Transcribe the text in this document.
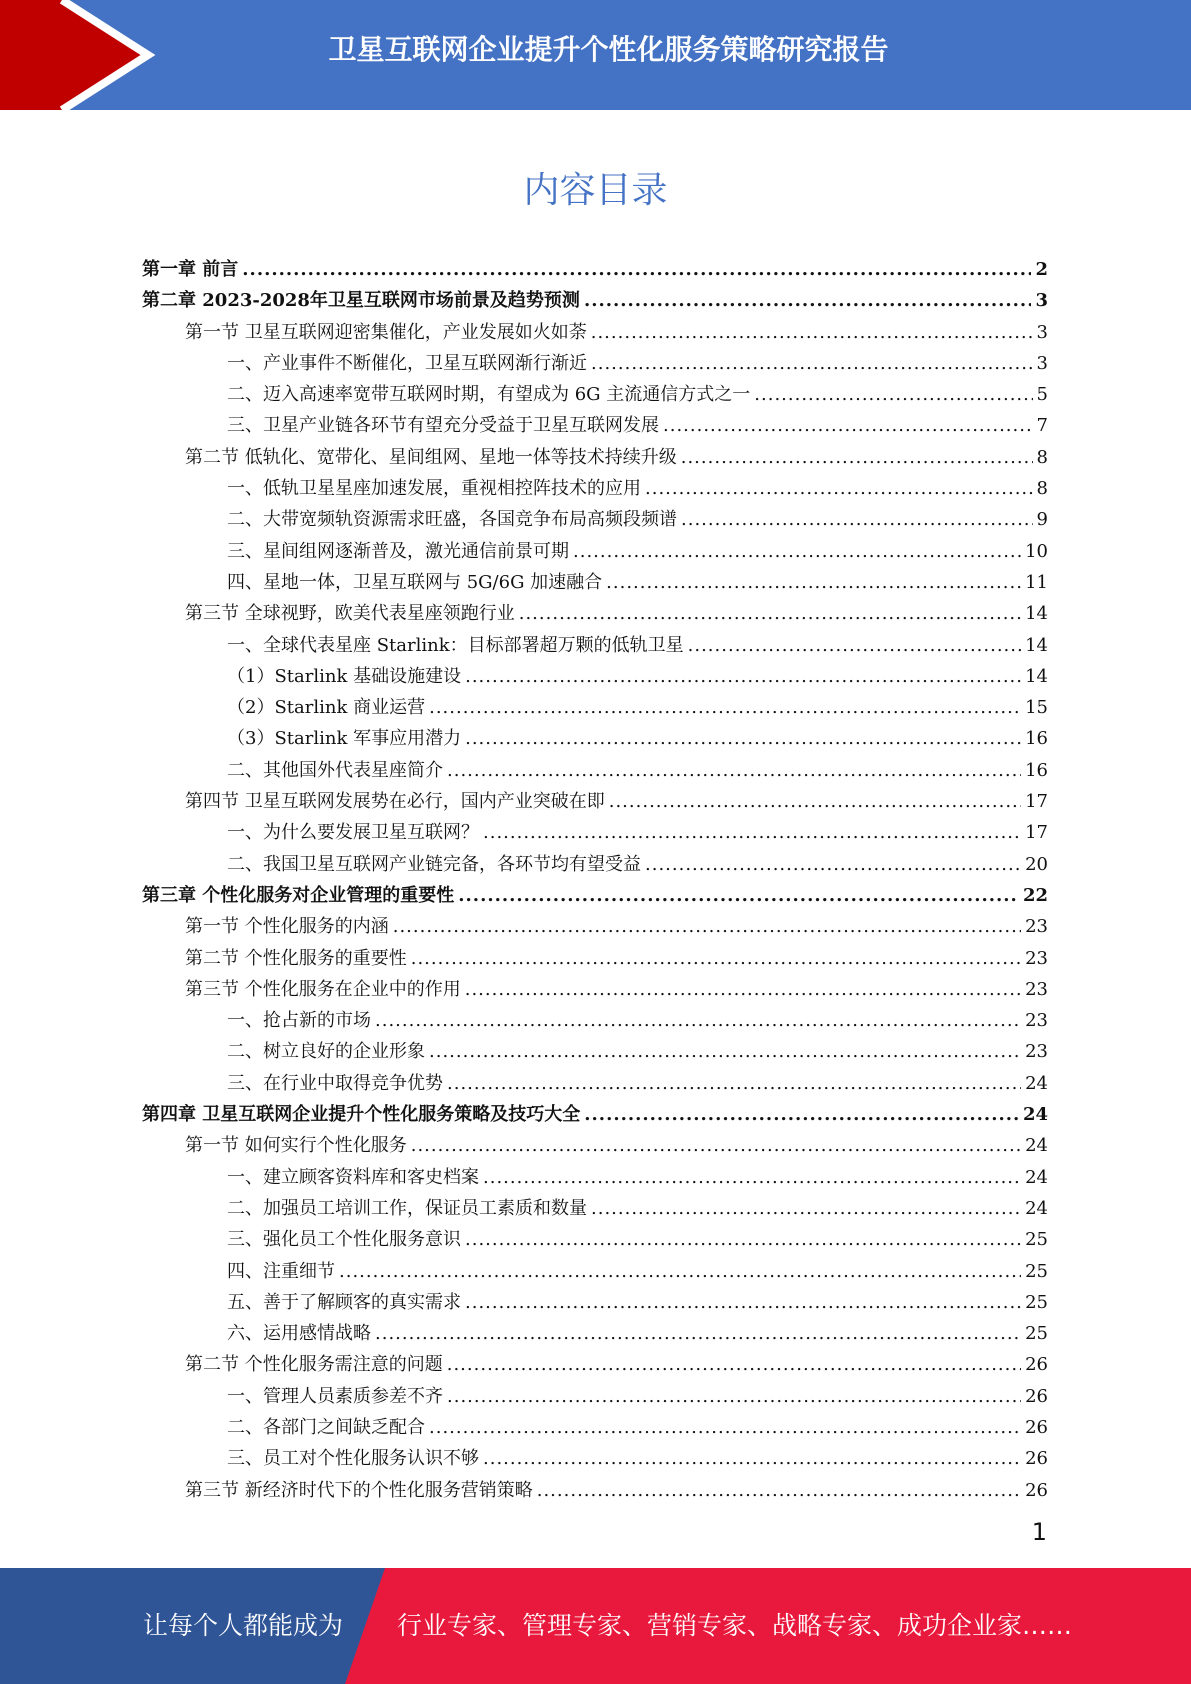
卫星互联网企业提升个性化服务策略研究报告
内容目录
第一章 前言 .....	2
第二章 2023-2028年卫星互联网市场前景及趋势预测 .....	3
第一节 卫星互联网迎密集催化，产业发展如火如荼 .....	3
一、产业事件不断催化，卫星互联网渐行渐近 .....	3
二、迈入高速率宽带互联网时期，有望成为 6G 主流通信方式之一 .....	5
三、卫星产业链各环节有望充分受益于卫星互联网发展 .....	7
第二节 低轨化、宽带化、星间组网、星地一体等技术持续升级 .....	8
一、低轨卫星星座加速发展，重视相控阵技术的应用 .....	8
二、大带宽频轨资源需求旺盛，各国竞争布局高频段频谱 .....	9
三、星间组网逐渐普及，激光通信前景可期 .....	10
四、星地一体，卫星互联网与 5G/6G 加速融合 .....	11
第三节 全球视野，欧美代表星座领跑行业 .....	14
一、全球代表星座 Starlink：目标部署超万颗的低轨卫星 .....	14
（1）Starlink 基础设施建设 .....	14
（2）Starlink 商业运营 .....	15
（3）Starlink 军事应用潜力 .....	16
二、其他国外代表星座简介 .....	16
第四节 卫星互联网发展势在必行，国内产业突破在即 .....	17
一、为什么要发展卫星互联网？ .....	17
二、我国卫星互联网产业链完备，各环节均有望受益 .....	20
第三章 个性化服务对企业管理的重要性 .....	22
第一节 个性化服务的内涵 .....	23
第二节 个性化服务的重要性 .....	23
第三节 个性化服务在企业中的作用 .....	23
一、抢占新的市场 .....	23
二、树立良好的企业形象 .....	23
三、在行业中取得竞争优势 .....	24
第四章 卫星互联网企业提升个性化服务策略及技巧大全 .....	24
第一节 如何实行个性化服务 .....	24
一、建立顾客资料库和客史档案 .....	24
二、加强员工培训工作，保证员工素质和数量 .....	24
三、强化员工个性化服务意识 .....	25
四、注重细节 .....	25
五、善于了解顾客的真实需求 .....	25
六、运用感情战略 .....	25
第二节 个性化服务需注意的问题 .....	26
一、管理人员素质参差不齐 .....	26
二、各部门之间缺乏配合 .....	26
三、员工对个性化服务认识不够 .....	26
第三节 新经济时代下的个性化服务营销策略 .....	26
1
让每个人都能成为 行业专家、管理专家、营销专家、战略专家、成功企业家……
